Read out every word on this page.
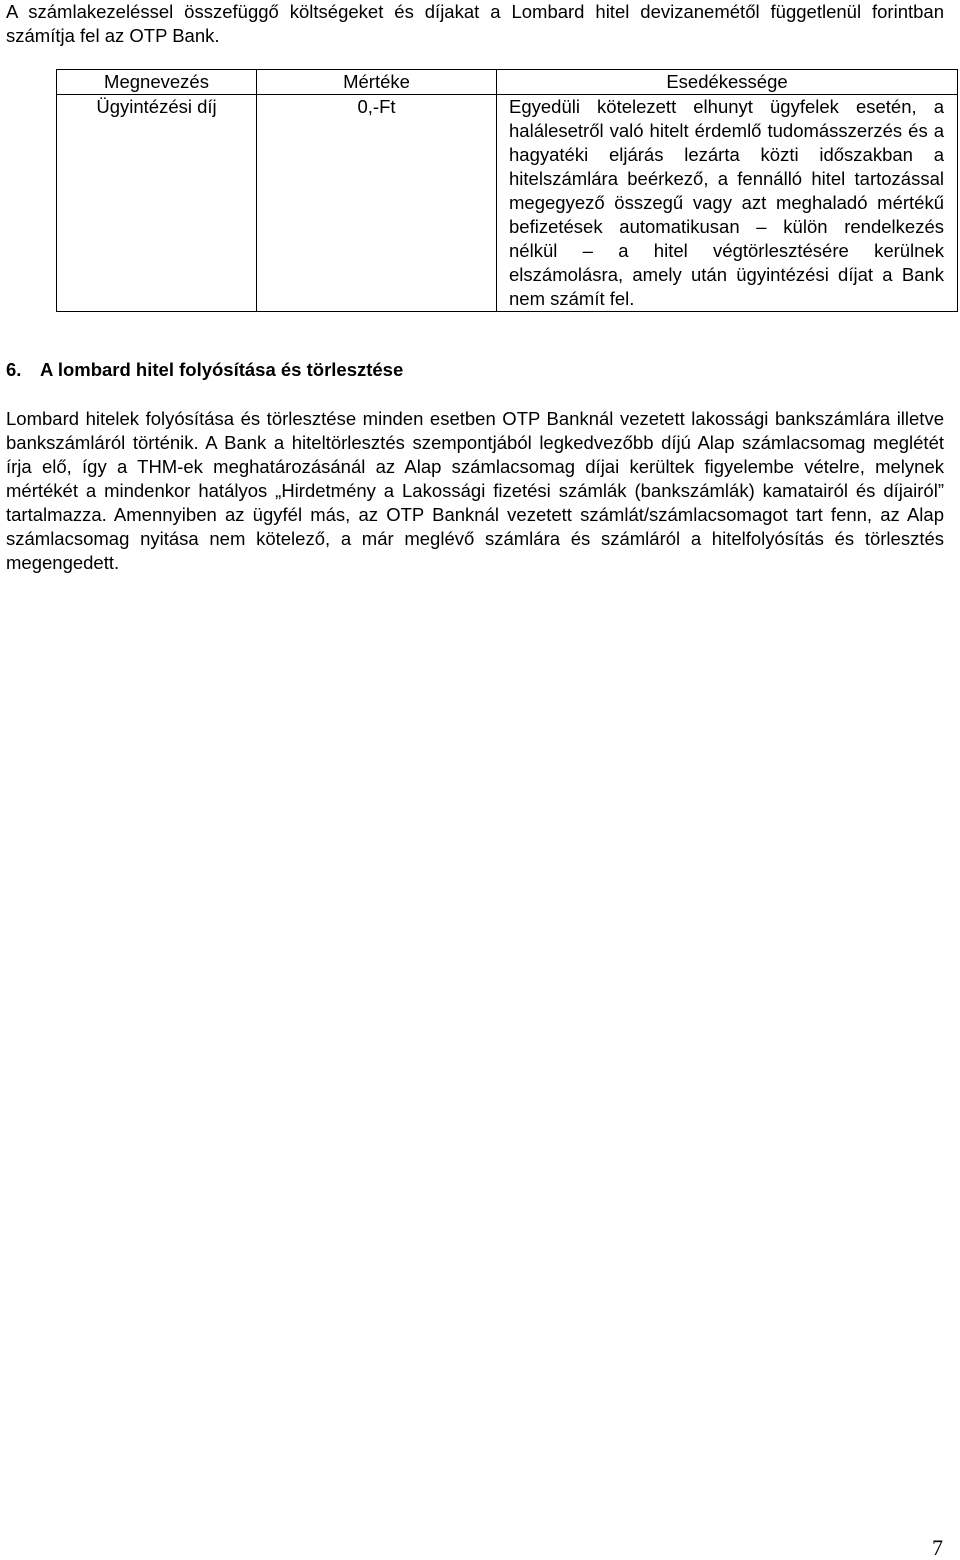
A számlakezeléssel összefüggő költségeket és díjakat a Lombard hitel devizanemétől függetlenül forintban számítja fel az OTP Bank.

Megnevezés	Mértéke	Esedékessége
Ügyintézési díj	0,-Ft	Egyedüli kötelezett elhunyt ügyfelek esetén, a halálesetről való hitelt érdemlő tudomásszerzés és a hagyatéki eljárás lezárta közti időszakban a hitelszámlára beérkező, a fennálló hitel tartozással megegyező összegű vagy azt meghaladó mértékű befizetések automatikusan – külön rendelkezés nélkül – a hitel végtörlesztésére kerülnek elszámolásra, amely után ügyintézési díjat a Bank nem számít fel.
6. A lombard hitel folyósítása és törlesztése

Lombard hitelek folyósítása és törlesztése minden esetben OTP Banknál vezetett lakossági bankszámlára illetve bankszámláról történik. A Bank a hiteltörlesztés szempontjából legkedvezőbb díjú Alap számlacsomag meglétét írja elő, így a THM-ek meghatározásánál az Alap számlacsomag díjai kerültek figyelembe vételre, melynek mértékét a mindenkor hatályos „Hirdetmény a Lakossági fizetési számlák (bankszámlák) kamatairól és díjairól” tartalmazza. Amennyiben az ügyfél más, az OTP Banknál vezetett számlát/számlacsomagot tart fenn, az Alap számlacsomag nyitása nem kötelező, a már meglévő számlára és számláról a hitelfolyósítás és törlesztés megengedett.

7
